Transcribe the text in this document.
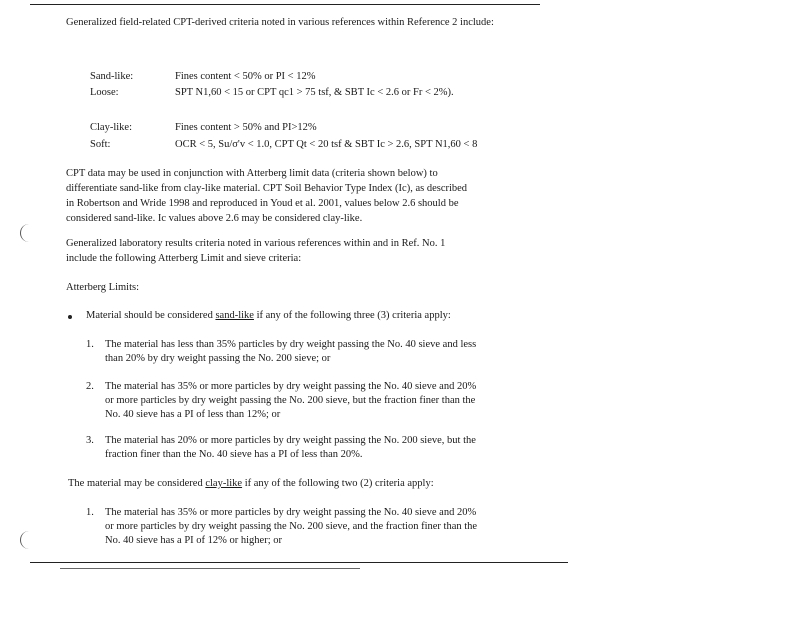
Generalized field-related CPT-derived criteria noted in various references within Reference 2 include:
Sand-like:	Fines content < 50% or PI < 12%
Loose:	SPT N1,60 < 15 or CPT qc1 > 75 tsf, & SBT Ic < 2.6 or Fr < 2%).
Clay-like:	Fines content > 50% and PI>12%
Soft:	OCR < 5, Su/σ'v < 1.0, CPT Qt < 20 tsf & SBT Ic > 2.6, SPT N1,60 < 8
CPT data may be used in conjunction with Atterberg limit data (criteria shown below) to
differentiate sand-like from clay-like material. CPT Soil Behavior Type Index (Ic), as described
in Robertson and Wride 1998 and reproduced in Youd et al. 2001, values below 2.6 should be
considered sand-like. Ic values above 2.6 may be considered clay-like.
Generalized laboratory results criteria noted in various references within and in Ref. No. 1
include the following Atterberg Limit and sieve criteria:
Atterberg Limits:
Material should be considered sand-like if any of the following three (3) criteria apply:
1. The material has less than 35% particles by dry weight passing the No. 40 sieve and less
than 20% by dry weight passing the No. 200 sieve; or
2. The material has 35% or more particles by dry weight passing the No. 40 sieve and 20%
or more particles by dry weight passing the No. 200 sieve, but the fraction finer than the
No. 40 sieve has a PI of less than 12%; or
3. The material has 20% or more particles by dry weight passing the No. 200 sieve, but the
fraction finer than the No. 40 sieve has a PI of less than 20%.
The material may be considered clay-like if any of the following two (2) criteria apply:
1. The material has 35% or more particles by dry weight passing the No. 40 sieve and 20%
or more particles by dry weight passing the No. 200 sieve, and the fraction finer than the
No. 40 sieve has a PI of 12% or higher; or
